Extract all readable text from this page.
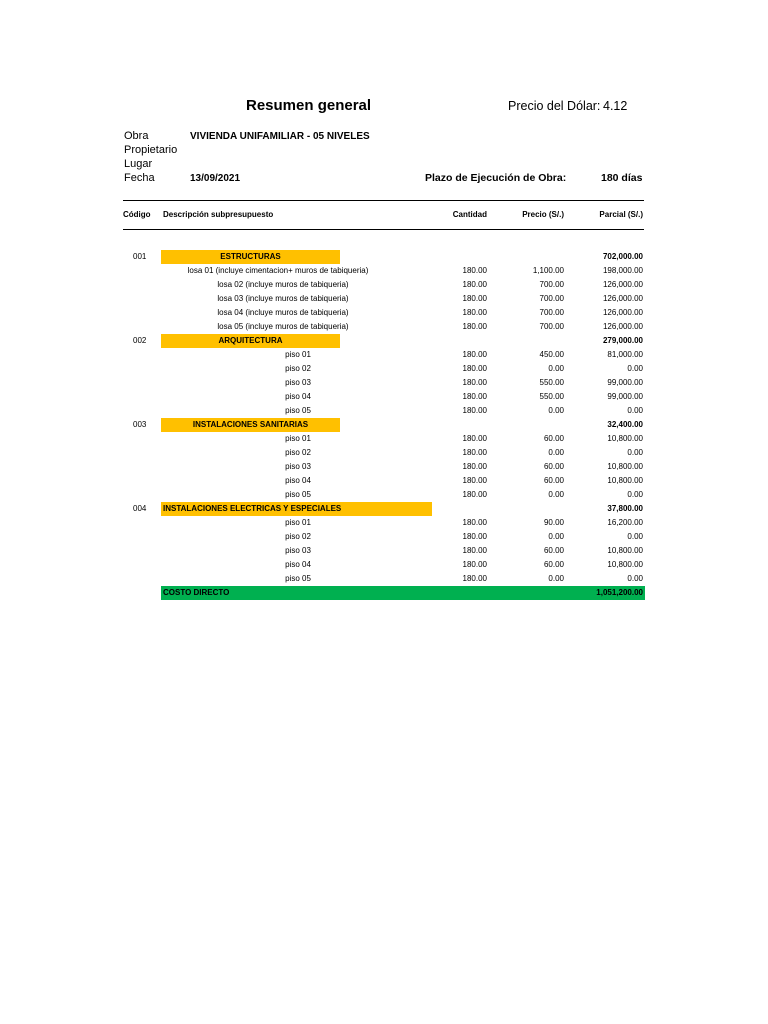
Resumen general	Precio del Dólar: 4.12
Obra	VIVIENDA UNIFAMILIAR - 05 NIVELES
Propietario
Lugar
Fecha	13/09/2021	Plazo de Ejecución de Obra:	180 días
Código Descripción subpresupuesto	Cantidad	Precio (S/.)	Parcial (S/.)
001	ESTRUCTURAS	702,000.00
losa 01 (incluye cimentacion+ muros de tabiqueria)	180.00	1,100.00	198,000.00
losa 02 (incluye muros de tabiqueria)	180.00	700.00	126,000.00
losa 03 (incluye muros de tabiqueria)	180.00	700.00	126,000.00
losa 04 (incluye muros de tabiqueria)	180.00	700.00	126,000.00
losa 05 (incluye muros de tabiqueria)	180.00	700.00	126,000.00
002	ARQUITECTURA	279,000.00
piso 01	180.00	450.00	81,000.00
piso 02	180.00	0.00	0.00
piso 03	180.00	550.00	99,000.00
piso 04	180.00	550.00	99,000.00
piso 05	180.00	0.00	0.00
003	INSTALACIONES SANITARIAS	32,400.00
piso 01	180.00	60.00	10,800.00
piso 02	180.00	0.00	0.00
piso 03	180.00	60.00	10,800.00
piso 04	180.00	60.00	10,800.00
piso 05	180.00	0.00	0.00
004 INSTALACIONES ELECTRICAS Y ESPECIALES	37,800.00
piso 01	180.00	90.00	16,200.00
piso 02	180.00	0.00	0.00
piso 03	180.00	60.00	10,800.00
piso 04	180.00	60.00	10,800.00
piso 05	180.00	0.00	0.00
COSTO DIRECTO	1,051,200.00
